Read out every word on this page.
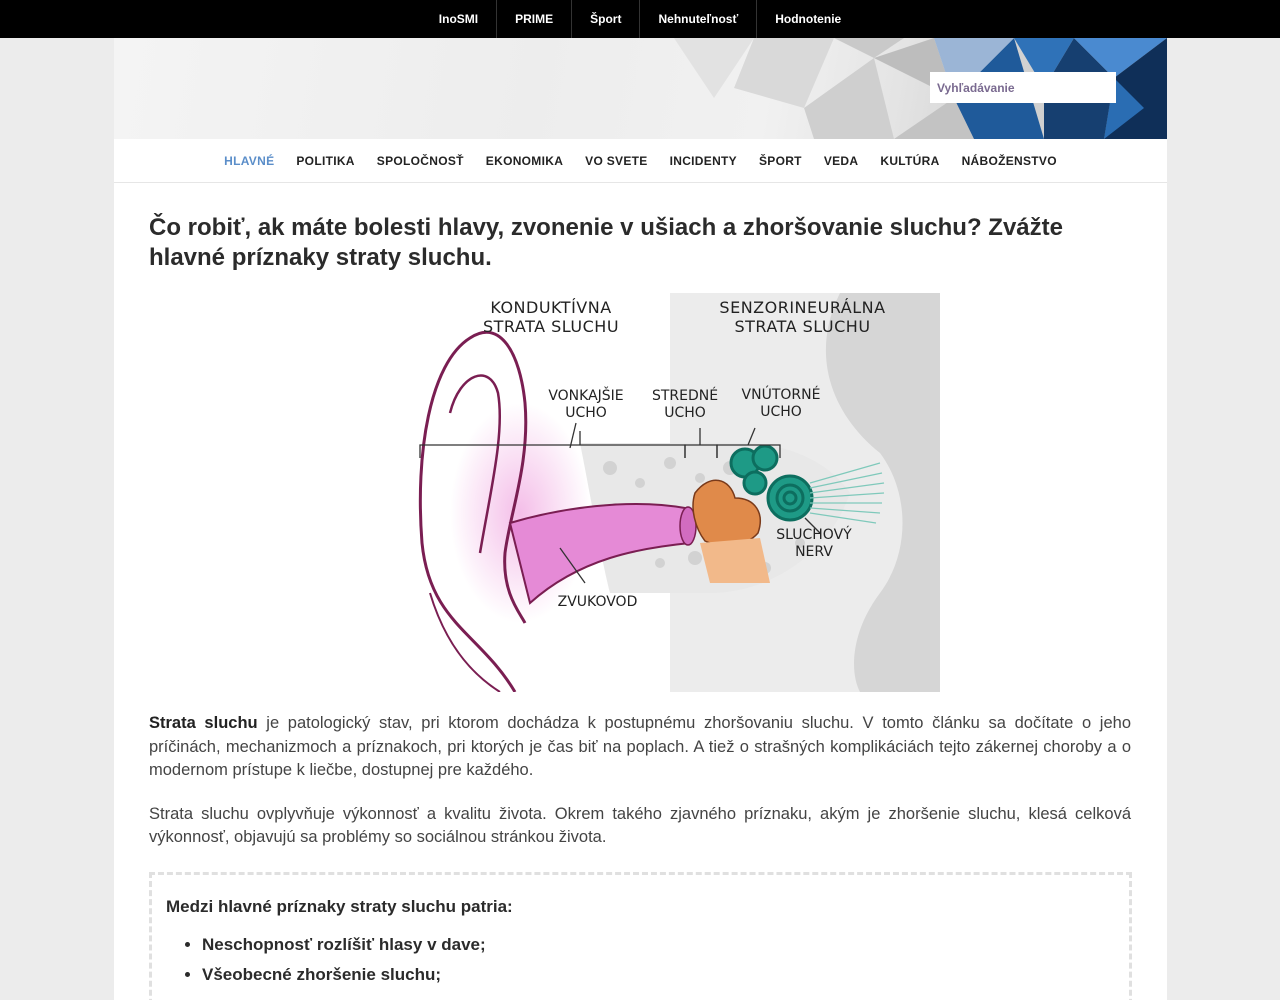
InoSMI	PRIME	Šport	Nehnuteľnosť	Hodnotenie
Vyhľadávanie
HLAVNÉ POLITIKA SPOLOČNOSŤ EKONOMIKA VO SVETE INCIDENTY ŠPORT VEDA KULTÚRA NÁBOŽENSTVO
Čo robiť, ak máte bolesti hlavy, zvonenie v ušiach a zhoršovanie sluchu? Zvážte hlavné príznaky straty sluchu.
KONDUKTÍVNA
STRATA SLUCHU
SENZORINEURÁLNA
STRATA SLUCHU
VONKAJŠIE
UCHO
STREDNÉ
UCHO
VNÚTORNÉ
UCHO
SLUCHOVÝ
NERV
ZVUKOVOD

Strata sluchu je patologický stav, pri ktorom dochádza k postupnému zhoršovaniu sluchu. V tomto článku sa dočítate o jeho príčinách, mechanizmoch a príznakoch, pri ktorých je čas biť na poplach. A tiež o strašných komplikáciách tejto zákernej choroby a o modernom prístupe k liečbe, dostupnej pre každého.

Strata sluchu ovplyvňuje výkonnosť a kvalitu života. Okrem takého zjavného príznaku, akým je zhoršenie sluchu, klesá celková výkonnosť, objavujú sa problémy so sociálnou stránkou života.

Medzi hlavné príznaky straty sluchu patria:
• Neschopnosť rozlíšiť hlasy v dave;
• Všeobecné zhoršenie sluchu;
